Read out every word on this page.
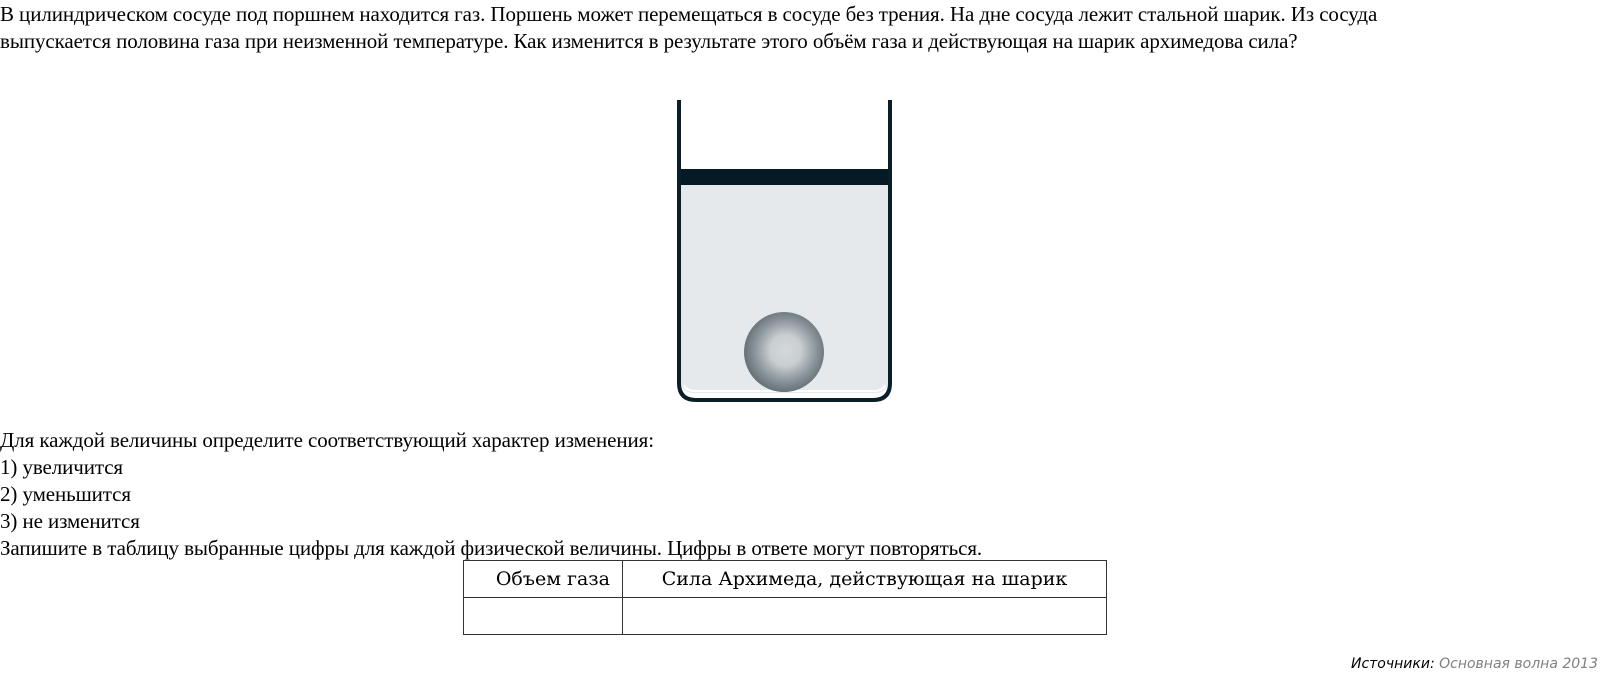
В цилиндрическом сосуде под поршнем находится газ. Поршень может перемещаться в сосуде без трения. На дне сосуда лежит стальной шарик. Из сосуда

выпускается половина газа при неизменной температуре. Как изменится в результате этого объём газа и действующая на шарик архимедова сила?

Для каждой величины определите соответствующий характер изменения:

1) увеличится

2) уменьшится

3) не изменится

Запишите в таблицу выбранные цифры для каждой физической величины. Цифры в ответе могут повторяться.

Объем газа	Сила Архимеда, действующая на шарик

Источники: Основная волна 2013
